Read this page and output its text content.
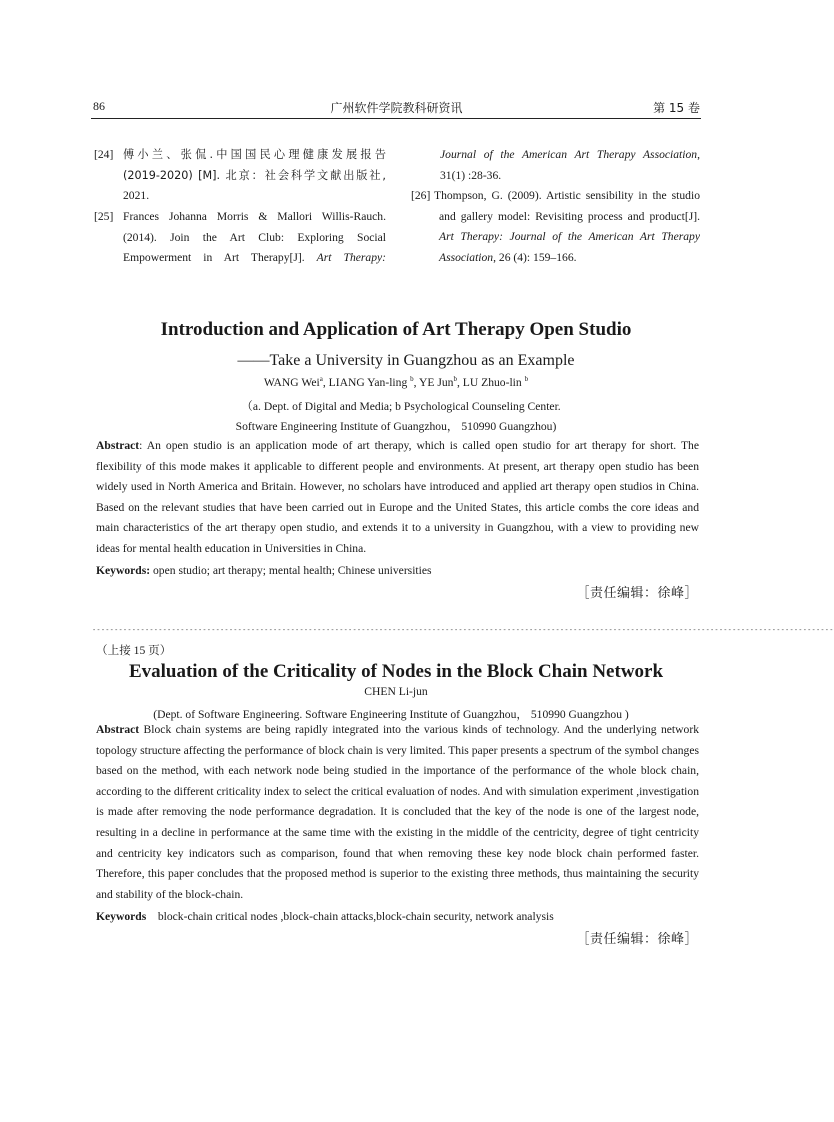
86	广州软件学院教科研资讯	第 15 卷
[24] 傅小兰、张侃.中国国民心理健康发展报告
(2019-2020) [M]. 北京：社会科学文献出版社,
2021.
[25] Frances Johanna Morris & Mallori Willis-Rauch.
(2014). Join the Art Club: Exploring Social
Empowerment in Art Therapy[J]. Art Therapy:
Journal of the American Art Therapy Association,
31(1) :28-36.
[26] Thompson, G. (2009). Artistic sensibility in the studio
and gallery model: Revisiting process and product[J].
Art Therapy: Journal of the American Art Therapy
Association, 26 (4): 159–166.
Introduction and Application of Art Therapy Open Studio
——Take a University in Guangzhou as an Example
WANG Wei$^a$, LIANG Yan-ling $^b$, YE Jun$^b$, LU Zhuo-lin $^b$
（a. Dept. of Digital and Media; b Psychological Counseling Center.
Software Engineering Institute of Guangzhou， 510990 Guangzhou)
Abstract: An open studio is an application mode of art therapy, which is called open studio for art therapy for short. The flexibility of this mode makes it applicable to different people and environments. At present, art therapy open studio has been widely used in North America and Britain. However, no scholars have introduced and applied art therapy open studios in China. Based on the relevant studies that have been carried out in Europe and the United States, this article combs the core ideas and main characteristics of the art therapy open studio, and extends it to a university in Guangzhou, with a view to providing new ideas for mental health education in Universities in China.
Keywords: open studio; art therapy; mental health; Chinese universities
［责任编辑：徐峰］
------------------------------------------------------------------------------------------------------------------------------------------------------------------------
（上接 15 页）
Evaluation of the Criticality of Nodes in the Block Chain Network
CHEN Li-jun
(Dept. of Software Engineering. Software Engineering Institute of Guangzhou， 510990 Guangzhou )
Abstract Block chain systems are being rapidly integrated into the various kinds of technology. And the underlying network topology structure affecting the performance of block chain is very limited. This paper presents a spectrum of the symbol changes based on the method, with each network node being studied in the importance of the performance of the whole block chain, according to the different criticality index to select the critical evaluation of nodes. And with simulation experiment ,investigation is made after removing the node performance degradation. It is concluded that the key of the node is one of the largest node, resulting in a decline in performance at the same time with the existing in the middle of the centricity, degree of tight centricity and centricity key indicators such as comparison, found that when removing these key node block chain performed faster. Therefore, this paper concludes that the proposed method is superior to the existing three methods, thus maintaining the security and stability of the block-chain.
Keywords    block-chain critical nodes ,block-chain attacks,block-chain security, network analysis
［责任编辑：徐峰］
